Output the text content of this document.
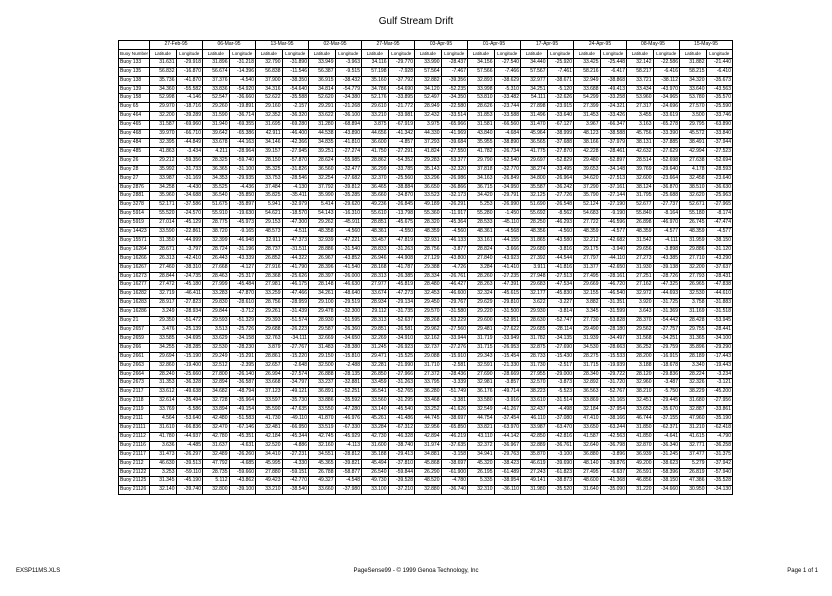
Gulf Stream Drift
	27-Feb-95		06-Mar-95		13-Mar-95		02-Mar-95		27-Mar-95		03-Apr-95		01-Apr-95		17-Apr-95		24-Apr-95		08-May-95		15-May-95	
Buoy Number	Latitude	Longitude	Latitude	Longitude	Latitude	Longitude	Latitude	Longitude	Latitude	Longitude	Latitude	Longitude	Latitude	Longitude	Latitude	Longitude	Latitude	Longitude	Latitude	Longitude	Latitude	Longitude
Buoy 133	31.631	-29.918	31.896	-31.218	32.790	-31.890	33.949	-3.963	34.116	-29.770	33.990	-28.437	34.156	-27.540	34.440	-25.920	33.425	-25.448	32.142	-22.586	31.882	-21.440
Buoy 135	56.832	-16.870	56.674	-14.396	56.838	-11.546	56.387	-9.515	57.198	-7.928	57.564	-7.467	57.566	-7.466	57.567	-7.461	58.216	-6.417	58.217	-6.416	58.215	-6.410
Buoy 138	35.736	-41.870	37.376	-4.540	37.900	-38.350	36.915	-38.432	35.160	-37.792	32.882	-39.356	32.893	-38.629	32.977	-38.671	32.949	-38.868	33.721	-38.112	34.320	-35.673
Buoy 139	34.360	-55.582	33.836	-54.920	34.316	-54.640	34.814	-54.779	34.786	-54.690	34.120	-52.235	33.998	-5.310	34.251	-5.120	33.688	-49.413	33.434	-43.970	33.640	-43.563
Buoy 158	52.998	-4.146	52.547	-36.660	52.622	-35.588	52.620	-34.380	52.176	-33.895	52.497	-34.350	53.810	-33.482	54.111	-32.626	54.299	-33.258	53.960	-34.965	53.780	-35.570
Buoy 65	29.970	-18.716	29.260	-19.891	29.160	-2.157	29.291	-21.268	29.610	-21.772	28.949	-22.580	28.626	-23.744	27.898	-23.915	27.399	-24.321	27.317	-24.696	27.570	-25.590
Buoy 464	32.200	-39.289	31.590	-36.714	32.352	-36.320	33.622	-36.100	33.210	-33.981	32.432	-33.514	31.853	-33.588	31.496	-33.640	31.453	-33.426	3.455	-33.619	3.500	-33.746
Buoy 465	31.587	-69.960	31.940	-69.355	31.695	-69.280	31.280	-68.894	3.875	-67.919	3.975	-65.966	31.581	-66.560	31.470	-67.127	3.967	-66.347	3.163	-65.278	29.795	-63.890
Buoy 468	39.970	-66.710	39.642	-65.386	42.911	-46.400	44.538	-43.890	44.656	-41.342	44.330	-41.969	43.840	-4.684	45.964	-38.999	48.123	-38.588	45.756	-33.390	45.572	-33.840
Buoy 484	32.395	-44.849	33.678	-44.163	34.146	-42.366	34.835	-41.810	36.600	-4.857	37.293	-39.684	35.955	-38.890	36.565	-37.688	38.166	-37.979	38.131	-37.885	38.491	-37.944
Buoy 485	41.863	-3.434	4.211	-28.964	39.157	-27.945	39.251	-27.274	41.750	-27.291	41.824	-27.550	41.782	-26.734	41.775	-27.870	42.228	-28.461	42.632	-27.629	42.994	-27.523
Buoy 26	29.212	-59.356	28.325	-59.740	28.150	-57.870	28.624	-55.985	28.862	-54.352	29.283	-53.377	29.790	-52.540	29.697	-52.829	29.480	-52.897	28.514	-52.698	27.638	-52.694
Buoy 28	35.992	-31.733	36.365	-31.100	35.325	-31.826	36.560	-32.477	36.299	-33.785	35.143	-32.320	37.818	-32.770	38.274	-33.495	39.653	-34.148	39.769	-29.640	4.178	-28.593
Buoy 27	33.987	-31.169	34.353	-29.935	33.753	-28.546	32.254	-27.682	32.370	-25.560	33.296	-26.986	34.163	-26.849	34.800	-26.964	34.620	-27.513	32.600	-23.664	32.458	-23.640
Buoy 2876	34.258	-4.430	35.525	-4.436	37.484	-4.130	37.792	-39.812	36.465	-38.884	36.650	-36.866	36.715	-34.950	35.587	-36.242	37.290	-37.161	38.124	-36.870	38.510	-36.630
Buoy 2881	35.960	-34.688	36.540	-35.850	35.825	-35.411	35.990	-35.285	35.660	-34.870	33.523	-32.173	34.420	-29.791	32.125	-27.726	35.790	-27.144	31.795	-25.688	32.620	-25.963
Buoy 3278	52.171	-37.586	51.675	-35.897	5.941	-32.979	5.414	-29.620	49.236	-26.845	49.189	-26.291	5.253	-26.990	51.690	-26.548	52.124	-27.190	52.677	-27.737	52.671	-27.965
Buoy 5914	55.520	-24.570	55.910	-19.630	54.621	-18.570	54.143	-16.310	55.610	-13.798	55.360	-11.917	55.280	-1.450	55.692	-8.562	54.683	-9.190	55.840	-8.164	55.180	-8.174
Buoy 5919	27.014	-45.129	28.775	-45.973	29.153	-47.300	29.262	-45.911	28.851	-45.675	28.320	-45.364	28.533	-45.110	28.250	-46.293	27.722	-46.596	26.898	-46.970	26.745	-47.474
Buoy 14423	33.590	-22.861	38.720	-9.165	48.573	-4.511	48.358	-4.560	48.361	-4.550	48.359	-4.560	48.361	-4.568	48.356	-4.560	48.359	-4.577	48.359	-4.577	48.359	-4.577
Buoy 15571	31.350	-44.999	32.399	-46.948	32.911	-47.373	32.939	-47.221	33.457	-47.819	32.931	-46.133	33.161	-44.155	31.865	-43.580	32.212	-42.682	31.542	-4.111	31.959	-38.150
Buoy 16264	28.671	-3.797	28.724	-31.196	28.737	-31.511	28.886	-31.540	28.833	-31.263	28.756	-3.877	28.824	-3.666	29.680	-3.816	29.175	-3.940	29.656	-3.898	29.886	-31.120
Buoy 16266	26.313	-42.410	26.443	-43.339	26.852	-44.322	26.967	-43.852	26.946	-44.908	27.129	-43.800	27.840	-43.923	27.392	-44.544	27.797	-44.110	27.273	-43.385	27.710	-43.290
Buoy 16267	27.460	-38.310	27.668	-4.127	27.916	-41.790	28.396	-41.540	28.168	-41.787	29.388	-4.726	3.284	-41.410	3.911	-41.816	31.377	-42.650	31.930	-39.138	32.200	-37.637
Buoy 16273	28.844	-24.735	28.463	-25.317	28.368	-25.626	28.397	-26.000	28.313	-26.385	28.334	-26.761	28.260	-27.235	27.948	-27.513	27.495	-28.161	27.251	-28.726	27.793	-28.431
Buoy 16277	27.472	-45.180	27.999	-45.484	27.981	-46.175	28.148	-46.630	27.977	-45.819	28.480	-46.427	28.263	-47.391	29.683	-47.534	29.669	-46.720	27.162	-47.325	26.965	-47.838
Buoy 16282	32.719	-46.411	33.283	-47.870	33.259	-47.466	34.261	-48.640	33.674	-47.273	32.453	-46.600	32.324	-45.615	32.177	-45.830	32.155	-46.540	32.972	-44.693	32.530	-44.610
Buoy 16283	28.917	-27.823	29.830	-28.610	28.756	-28.959	29.100	-29.519	28.934	-29.134	29.450	-29.767	29.629	-29.810	3.622	-3.227	3.882	-31.351	3.920	-31.725	3.758	-31.883
Buoy 16286	3.249	-28.934	29.844	-3.712	29.261	-31.439	29.478	-32.300	29.112	-31.735	29.570	-31.580	29.220	-31.500	29.930	-3.814	3.345	-31.599	3.643	-31.369	31.169	-31.518
Buoy 21	29.350	-51.472	29.593	-51.329	29.393	-51.574	28.930	-51.595	28.313	-52.637	28.268	-53.229	29.600	-52.951	28.630	-52.747	27.730	-53.828	28.370	-54.442	28.428	-53.945
Buoy 2657	3.476	-25.139	3.513	-25.726	29.688	-26.223	29.587	-26.360	29.851	-26.581	29.962	-27.560	29.481	-27.622	29.685	-28.114	29.490	-28.180	29.562	-27.757	29.755	-28.441
Buoy 2659	33.585	-34.695	33.629	-34.158	32.763	-34.111	32.669	-34.650	32.269	-34.910	32.162	-33.944	31.719	-33.949	31.782	-34.135	31.939	-34.497	31.568	-34.251	31.365	-34.100
Buoy 266	34.255	-28.285	32.530	-28.230	3.879	-27.767	31.483	-28.380	31.245	-26.923	32.737	-27.276	31.715	-26.953	32.875	-27.690	34.530	-28.663	36.252	-29.759	35.896	-29.290
Buoy 2661	29.694	-15.190	29.249	-15.291	28.861	-15.220	29.150	-15.810	29.471	-15.525	29.088	-15.910	29.343	-15.454	28.733	-15.430	28.275	-15.533	28.200	-16.915	28.189	-17.443
Buoy 2663	32.860	-19.400	32.512	-2.395	32.657	-2.648	32.500	-2.488	32.281	-21.990	31.710	-2.581	32.591	-21.330	31.730	-2.517	31.715	-19.939	3.188	-18.678	3.340	-19.443
Buoy 2664	28.240	-25.660	27.800	-26.140	26.994	-27.574	26.888	-28.135	26.850	-27.966	27.372	-28.436	27.690	-28.669	27.955	-29.000	28.340	-29.722	28.120	-29.836	28.224	-3.234
Buoy 2673	31.353	-36.328	32.894	-36.587	33.668	-34.797	33.237	-32.881	33.459	-31.263	33.795	-3.339	32.981	-3.857	32.570	-3.873	32.892	-31.720	32.960	-3.487	32.326	-3.121
Buoy 2117	33.612	-49.638	34.682	-48.794	37.123	-49.121	36.891	-52.251	36.541	-52.765	36.280	-51.749	36.176	-49.714	38.223	-5.523	36.563	-52.767	38.210	-5.750	38.229	-45.200
Buoy 2118	32.614	-35.494	32.728	-35.964	33.597	-35.730	33.886	-35.592	33.560	-31.295	33.468	-3.381	33.580	-3.916	33.610	-31.514	33.869	-31.165	32.451	-29.445	31.680	-27.956
Buoy 2119	33.769	-5.586	33.894	-49.154	35.590	-47.635	33.550	-47.280	33.140	-45.540	33.252	-41.626	32.549	-41.267	32.437	-4.498	32.184	-37.954	33.652	-35.670	32.887	-33.861
Buoy 2111	4.564	-53.640	42.480	-51.583	41.730	-49.110	41.870	-46.976	45.261	-41.486	44.745	-38.697	44.754	-37.454	46.110	-37.080	47.410	-38.166	46.744	-37.155	47.960	-35.190
Buoy 21111	31.610	-66.836	32.470	-67.146	32.481	-66.950	33.519	-67.330	33.284	-67.312	32.956	-65.850	33.821	-63.970	33.987	-63.470	33.650	-63.244	31.850	-62.371	31.210	-62.418
Buoy 21112	41.780	-44.937	42.780	-45.351	42.184	-45.344	42.745	-45.929	42.730	-46.328	42.894	-46.219	43.110	-44.142	42.850	-42.816	41.587	-42.563	41.850	-4.641	41.615	-4.790
Buoy 21116	3.636	-4.485	31.637	-4.631	32.520	-4.886	32.160	-4.113	31.600	-38.740	31.974	-37.635	32.372	-36.967	32.889	-36.761	32.640	-36.798	32.870	-36.340	32.771	-36.258
Buoy 21117	31.473	-26.297	32.489	-26.260	34.410	-27.231	34.551	-28.812	35.188	-29.413	34.881	-3.158	34.941	-29.763	35.870	-3.100	36.880	-3.896	36.939	-31.245	37.477	-31.375
Buoy 2112	46.630	-39.513	47.792	-4.685	45.995	-4.330	45.365	-39.821	45.494	-37.810	45.868	-38.697	45.320	-38.423	46.619	-39.690	48.140	-39.876	49.200	-38.623	5.279	-37.942
Buoy 21122	3.253	-59.110	28.735	-59.660	27.880	-59.151	26.788	-58.877	26.540	-59.844	26.290	-61.900	26.195	-61.489	27.243	-61.823	27.495	-6.637	26.591	-58.396	26.819	-57.940
Buoy 21125	31.345	-45.190	5.112	-43.862	49.423	-42.770	49.327	-4.548	49.730	-39.528	48.520	-4.780	5.335	-38.954	49.141	-38.873	48.600	-41.368	46.856	-38.150	47.386	-35.528
Buoy 21126	32.140	-39.740	32.800	-39.100	33.210	-38.540	33.660	-37.980	33.100	-37.210	32.880	-36.740	32.310	-36.110	31.980	-35.520	31.640	-35.090	31.220	-34.660	30.950	-34.130
EXSP11MS.XLS	PageSense99 - © 1999 Genoa Technology, Inc	Page 1 of 1
